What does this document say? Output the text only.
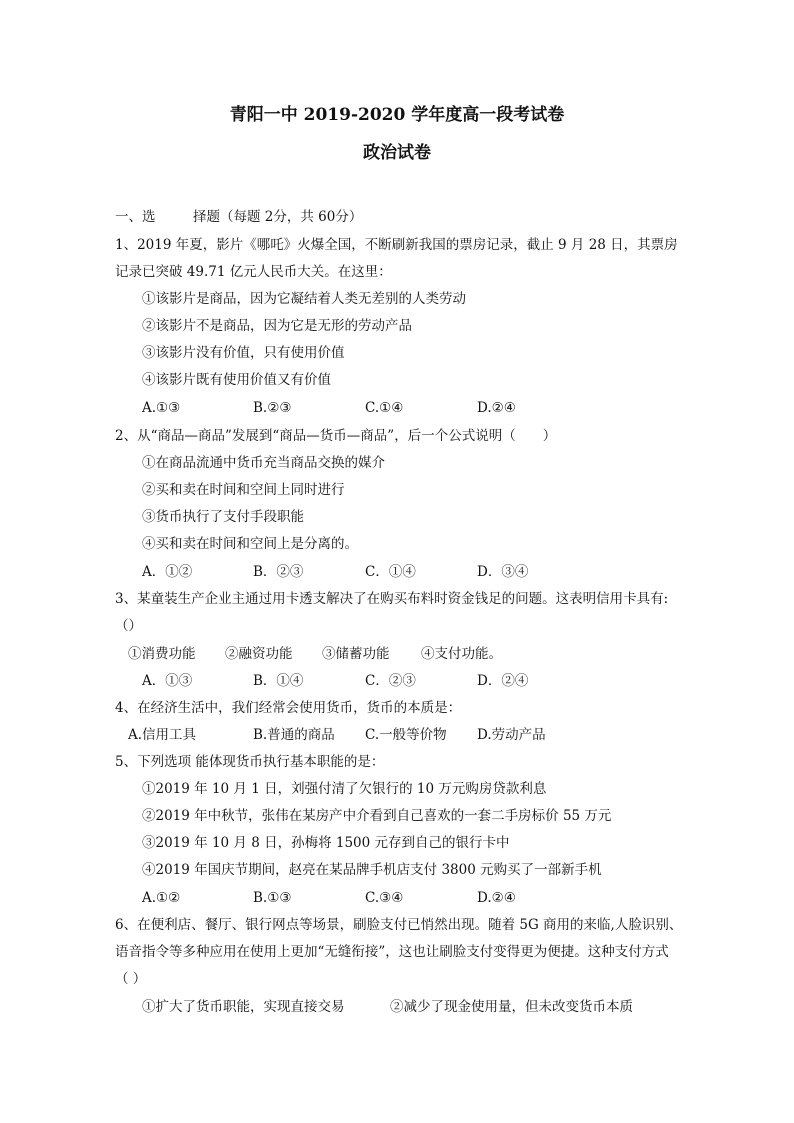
青阳一中 2019-2020 学年度高一段考试卷
政治试卷
一、选	择题（每题 2分，共 60分）
1、2019 年夏，影片《哪吒》火爆全国，不断刷新我国的票房记录，截止 9 月 28 日，其票房
记录已突破 49.71 亿元人民币大关。在这里：
①该影片是商品，因为它凝结着人类无差别的人类劳动
②该影片不是商品，因为它是无形的劳动产品
③该影片没有价值，只有使用价值
④该影片既有使用价值又有价值
A.①③	B.②③	C.①④	D.②④
2、从“商品—商品”发展到“商品—货币—商品”，后一个公式说明（　　）
①在商品流通中货币充当商品交换的媒介
②买和卖在时间和空间上同时进行
③货币执行了支付手段职能
④买和卖在时间和空间上是分离的。
A．①②	B．②③	C．①④	D．③④
3、某童装生产企业主通过用卡透支解决了在购买布料时资金钱足的问题。这表明信用卡具有:
（）
①消费功能 ②融资功能 ③储蓄功能 ④支付功能。
A．①③	B．①④	C．②③	D．②④
4、在经济生活中，我们经常会使用货币，货币的本质是：
A.信用工具	B.普通的商品 C.一般等价物 D.劳动产品
5、下列选项 能体现货币执行基本职能的是：
①2019 年 10 月 1 日，刘强付清了欠银行的 10 万元购房贷款利息
②2019 年中秋节，张伟在某房产中介看到自己喜欢的一套二手房标价 55 万元
③2019 年 10 月 8 日，孙梅将 1500 元存到自己的银行卡中
④2019 年国庆节期间，赵亮在某品牌手机店支付 3800 元购买了一部新手机
A.①②	B.①③	C.③④	D.②④
6、在便利店、餐厅、银行网点等场景，刷脸支付已悄然出现。随着 5G 商用的来临,人脸识别、
语音指令等多种应用在使用上更加“无缝衔接”，这也让刷脸支付变得更为便捷。这种支付方式
（ ）
①扩大了货币职能，实现直接交易	②减少了现金使用量，但未改变货币本质
